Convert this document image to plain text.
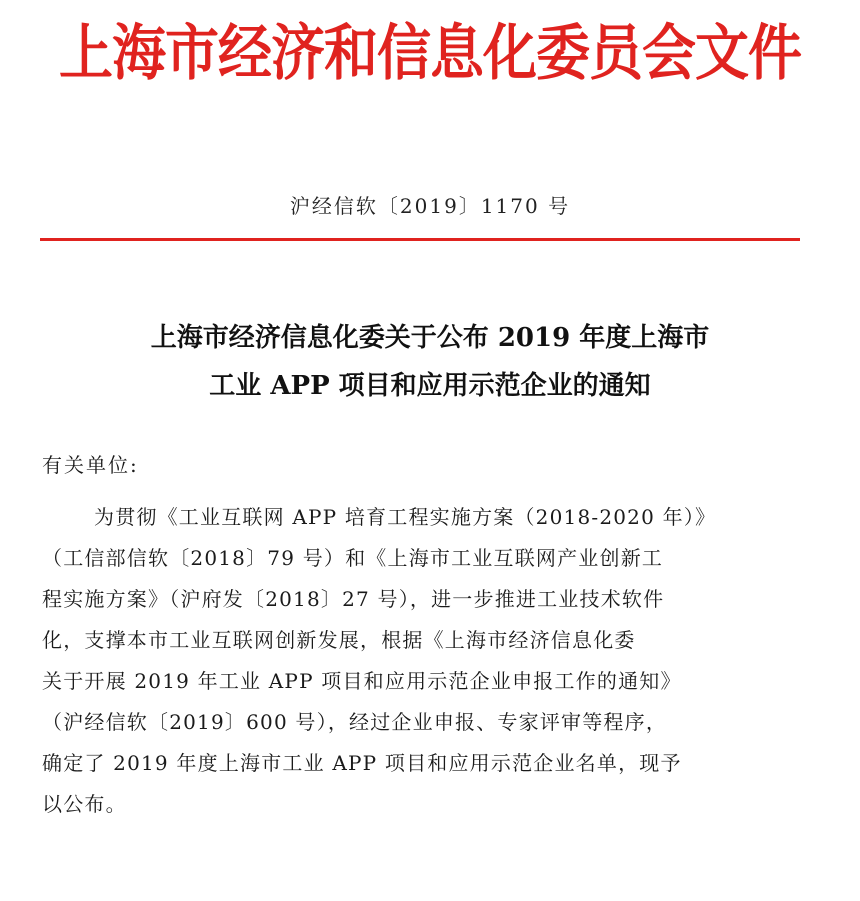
上海市经济和信息化委员会文件
沪经信软〔2019〕1170 号
上海市经济信息化委关于公布 2019 年度上海市
工业 APP 项目和应用示范企业的通知
有关单位:
为贯彻《工业互联网 APP 培育工程实施方案（2018-2020 年）》
（工信部信软〔2018〕79 号）和《上海市工业互联网产业创新工
程实施方案》（沪府发〔2018〕27 号），进一步推进工业技术软件
化，支撑本市工业互联网创新发展，根据《上海市经济信息化委
关于开展 2019 年工业 APP 项目和应用示范企业申报工作的通知》
（沪经信软〔2019〕600 号），经过企业申报、专家评审等程序，
确定了 2019 年度上海市工业 APP 项目和应用示范企业名单，现予
以公布。
